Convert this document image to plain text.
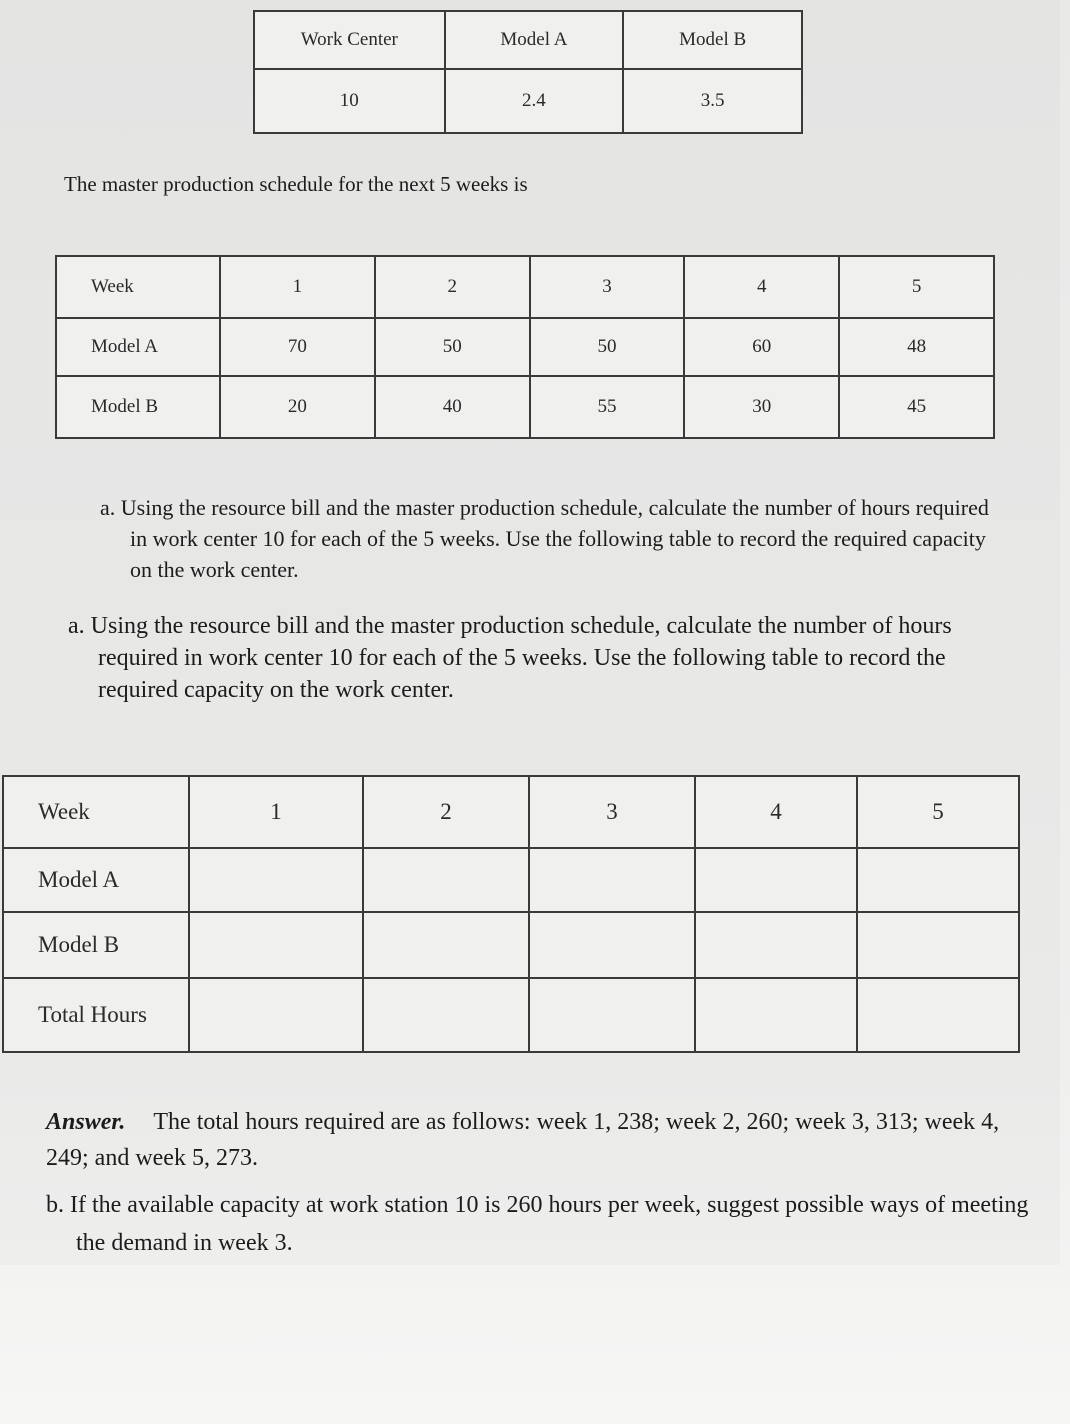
Work Center	Model A	Model B
10	2.4	3.5
The master production schedule for the next 5 weeks is
Week	1	2	3	4	5
Model A	70	50	50	60	48
Model B	20	40	55	30	45
a. Using the resource bill and the master production schedule, calculate the number of hours required in work center 10 for each of the 5 weeks. Use the following table to record the required capacity on the work center.
a. Using the resource bill and the master production schedule, calculate the number of hours required in work center 10 for each of the 5 weeks. Use the following table to record the required capacity on the work center.
Week	1	2	3	4	5
Model A					
Model B					
Total Hours					
Answer. The total hours required are as follows: week 1, 238; week 2, 260; week 3, 313; week 4, 249; and week 5, 273.
b. If the available capacity at work station 10 is 260 hours per week, suggest possible ways of meeting the demand in week 3.
